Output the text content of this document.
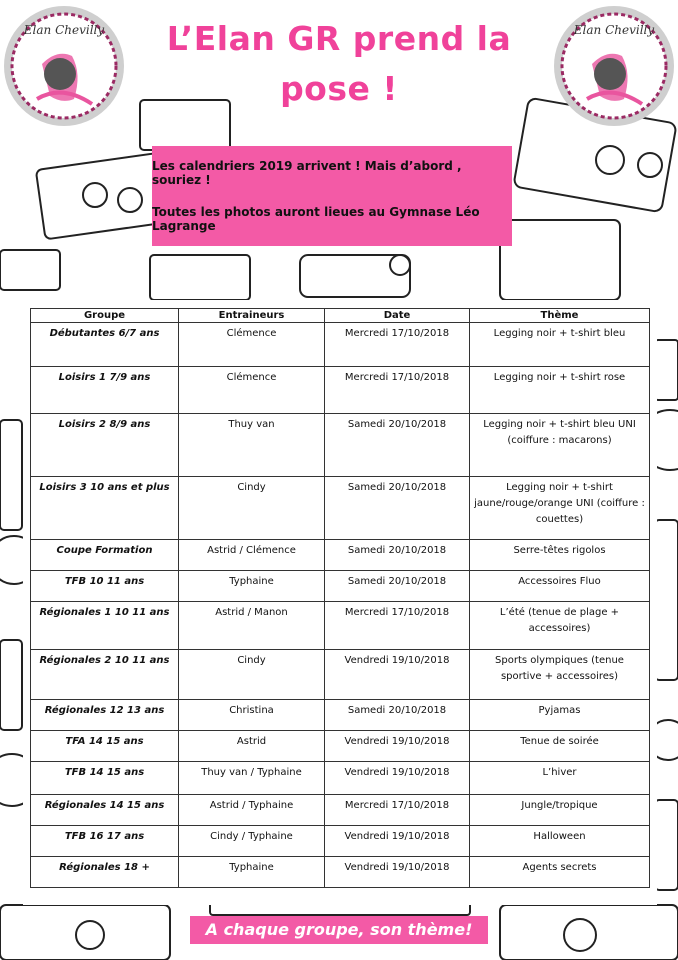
Elan Chevilly	Elan Chevilly
L’Elan GR prend la
pose !
Les calendriers 2019 arrivent ! Mais d’abord , souriez !
Toutes les photos auront lieues au Gymnase Léo Lagrange
Groupe	Entraineurs	Date	Thème
Débutantes 6/7 ans	Clémence	Mercredi 17/10/2018	Legging noir + t-shirt bleu
Loisirs 1 7/9 ans	Clémence	Mercredi 17/10/2018	Legging noir + t-shirt rose
Loisirs 2 8/9 ans	Thuy van	Samedi 20/10/2018	Legging noir + t-shirt bleu UNI (coiffure : macarons)
Loisirs 3 10 ans et plus	Cindy	Samedi 20/10/2018	Legging noir + t-shirt jaune/rouge/orange UNI (coiffure : couettes)
Coupe Formation	Astrid / Clémence	Samedi 20/10/2018	Serre-têtes rigolos
TFB 10 11 ans	Typhaine	Samedi 20/10/2018	Accessoires Fluo
Régionales 1 10 11 ans	Astrid / Manon	Mercredi 17/10/2018	L’été (tenue de plage + accessoires)
Régionales 2 10 11 ans	Cindy	Vendredi 19/10/2018	Sports olympiques (tenue sportive + accessoires)
Régionales 12 13 ans	Christina	Samedi 20/10/2018	Pyjamas
TFA 14 15 ans	Astrid	Vendredi 19/10/2018	Tenue de soirée
TFB 14 15 ans	Thuy van / Typhaine	Vendredi 19/10/2018	L’hiver
Régionales 14 15 ans	Astrid / Typhaine	Mercredi 17/10/2018	Jungle/tropique
TFB 16 17 ans	Cindy / Typhaine	Vendredi 19/10/2018	Halloween
Régionales 18 +	Typhaine	Vendredi 19/10/2018	Agents secrets
A chaque groupe, son thème!
